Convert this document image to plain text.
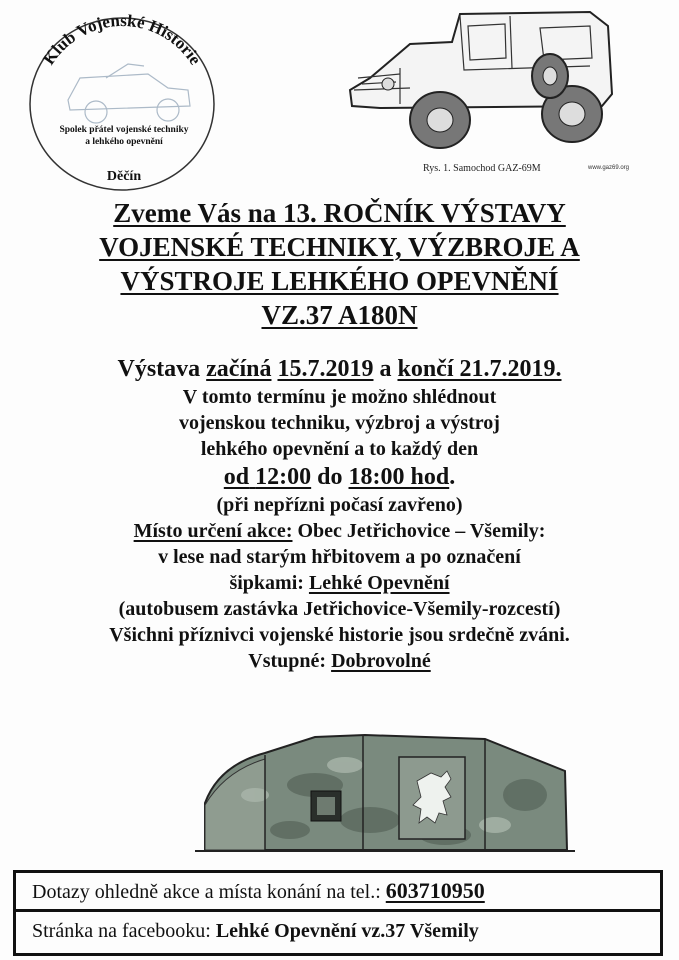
Klub Vojenské Historie
Spolek přátel vojenské techniky
a lehkého opevnění
Děčín
Rys. 1. Samochod GAZ-69M	www.gaz69.org
Zveme Vás na 13. ROČNÍK VÝSTAVY
VOJENSKÉ TECHNIKY, VÝZBROJE A
VÝSTROJE LEHKÉHO OPEVNĚNÍ
VZ.37 A180N
Výstava začíná 15.7.2019 a končí 21.7.2019.
V tomto termínu je možno shlédnout
vojenskou techniku, výzbroj a výstroj
lehkého opevnění a to každý den
od 12:00 do 18:00 hod.
(při nepřízni počasí zavřeno)
Místo určení akce: Obec Jetřichovice – Všemily:
v lese nad starým hřbitovem a po označení
šipkami: Lehké Opevnění
(autobusem zastávka Jetřichovice-Všemily-rozcestí)
Všichni příznivci vojenské historie jsou srdečně zváni.
Vstupné: Dobrovolné
Dotazy ohledně akce a místa konání na tel.: 603710950
Stránka na facebooku: Lehké Opevnění vz.37 Všemily
